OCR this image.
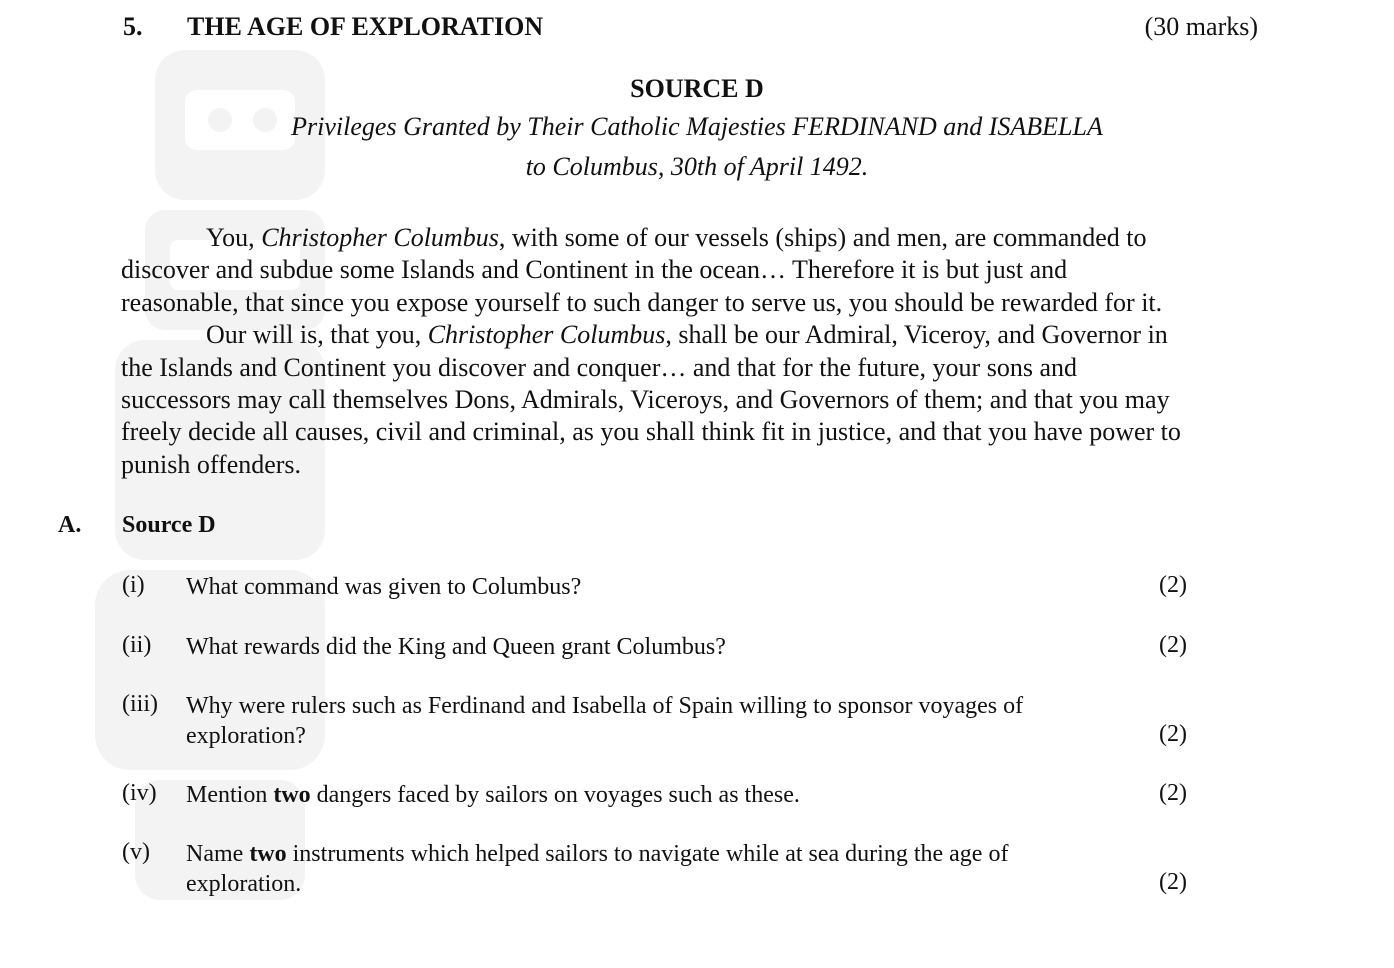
5. THE AGE OF EXPLORATION	(30 marks)
SOURCE D
Privileges Granted by Their Catholic Majesties FERDINAND and ISABELLA
to Columbus, 30th of April 1492.
You, Christopher Columbus, with some of our vessels (ships) and men, are commanded to
discover and subdue some Islands and Continent in the ocean… Therefore it is but just and
reasonable, that since you expose yourself to such danger to serve us, you should be rewarded for it.
Our will is, that you, Christopher Columbus, shall be our Admiral, Viceroy, and Governor in
the Islands and Continent you discover and conquer… and that for the future, your sons and
successors may call themselves Dons, Admirals, Viceroys, and Governors of them; and that you may
freely decide all causes, civil and criminal, as you shall think fit in justice, and that you have power to
punish offenders.
A. Source D
(i) What command was given to Columbus?	(2)
(ii) What rewards did the King and Queen grant Columbus?	(2)
(iii) Why were rulers such as Ferdinand and Isabella of Spain willing to sponsor voyages of
exploration?	(2)
(iv) Mention two dangers faced by sailors on voyages such as these.	(2)
(v) Name two instruments which helped sailors to navigate while at sea during the age of
exploration.	(2)
